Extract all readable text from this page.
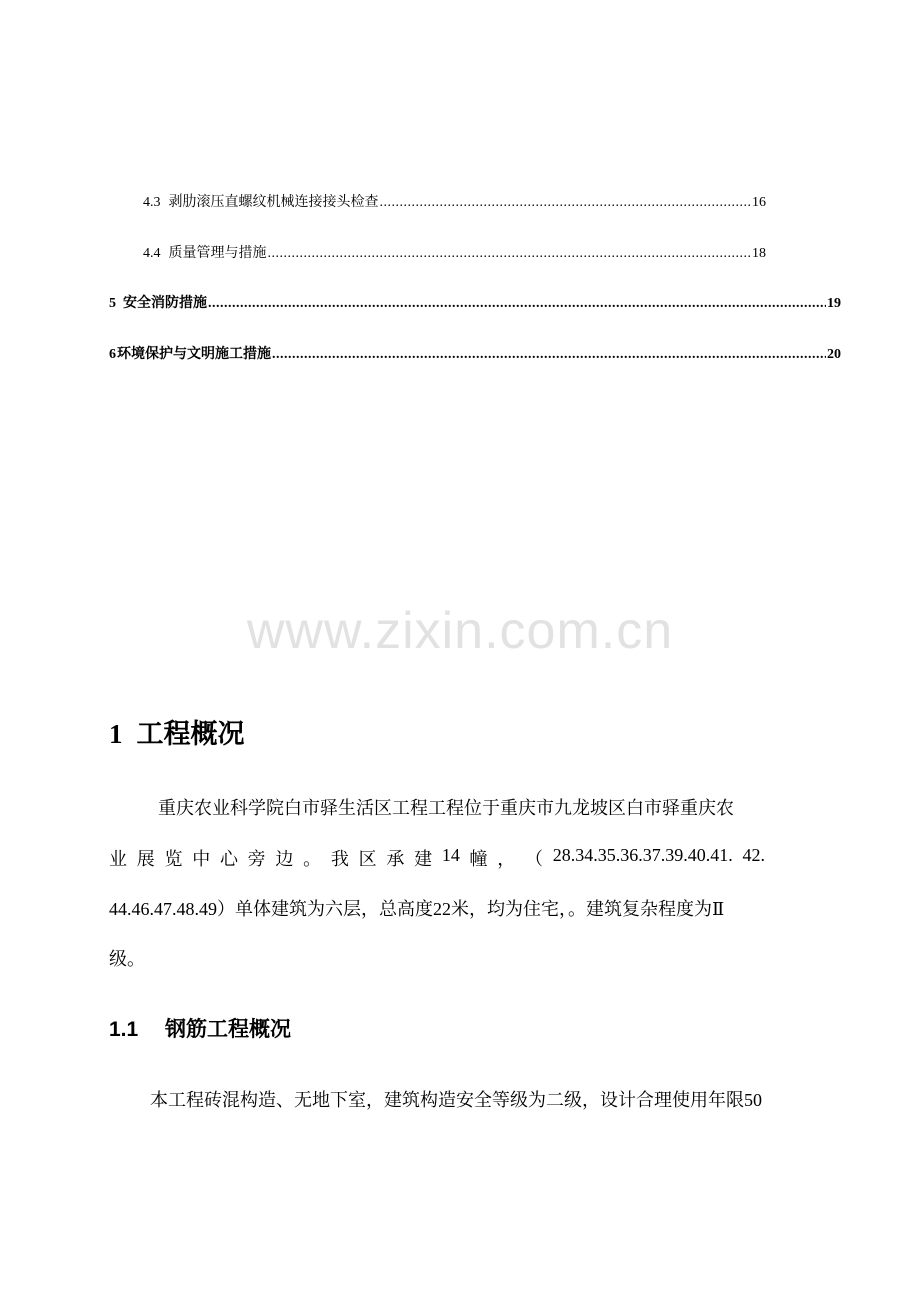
4.3 剥肋滚压直螺纹机械连接接头检查 .....	16
4.4 质量管理与措施 .....	18
5 安全消防措施 .....	19
6 环境保护与文明施工措施 .....	20
www.zixin.com.cn
1 工程概况
重庆农业科学院白市驿生活区工程工程位于重庆市九龙坡区白市驿重庆农
业 展 览 中 心 旁 边 。 我 区 承 建 14 幢 ， （ 28.34.35.36.37.39.40.41. 42.
44.46.47.48.49）单体建筑为六层，总高度22米，均为住宅，。建筑复杂程度为Ⅱ
级。
1.1 钢筋工程概况
本工程砖混构造、无地下室，建筑构造安全等级为二级，设计合理使用年限50
